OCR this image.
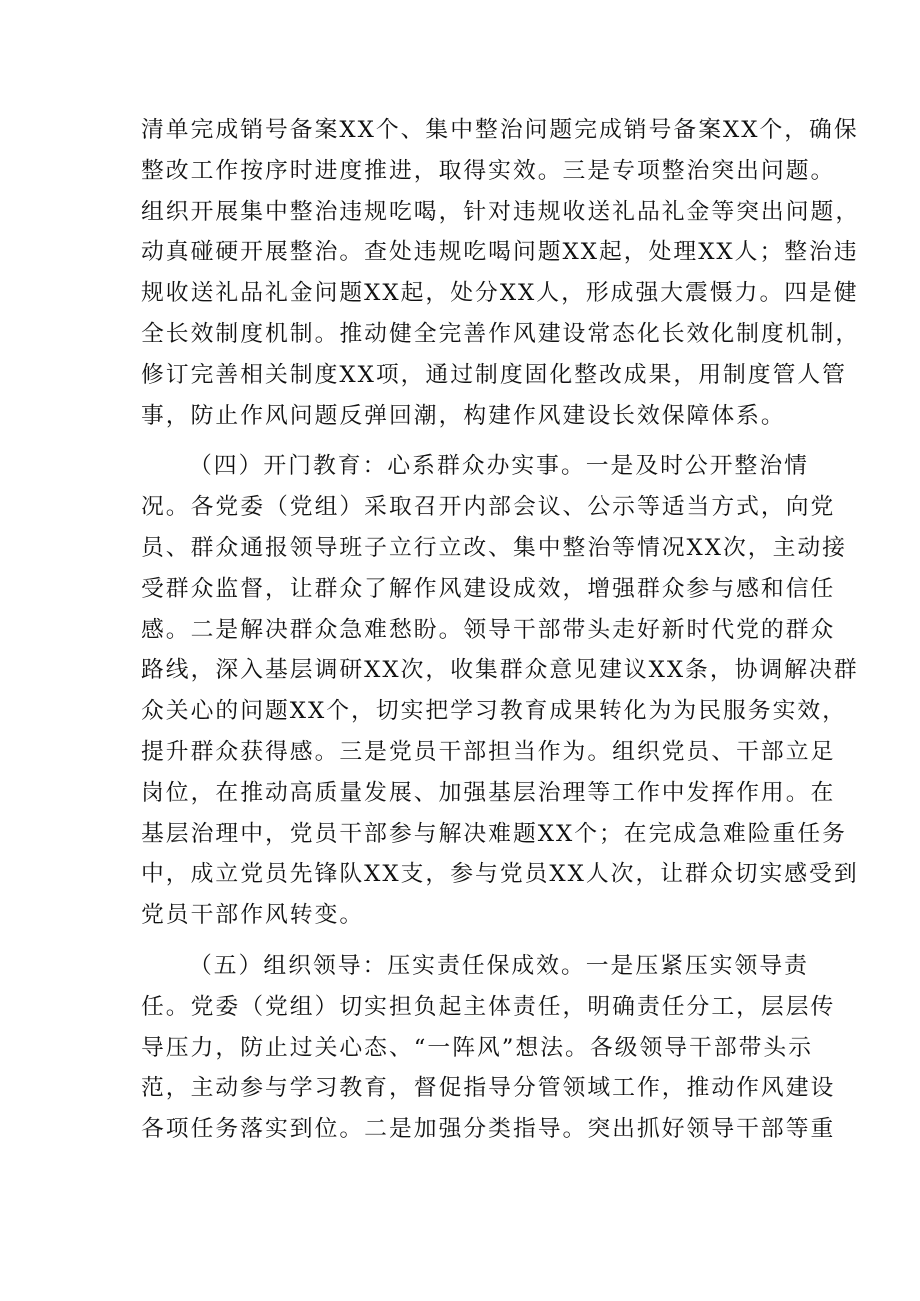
清单完成销号备案XX个、集中整治问题完成销号备案XX个，确保
整改工作按序时进度推进，取得实效。三是专项整治突出问题。
组织开展集中整治违规吃喝，针对违规收送礼品礼金等突出问题，
动真碰硬开展整治。查处违规吃喝问题XX起，处理XX人；整治违
规收送礼品礼金问题XX起，处分XX人，形成强大震慑力。四是健
全长效制度机制。推动健全完善作风建设常态化长效化制度机制，
修订完善相关制度XX项，通过制度固化整改成果，用制度管人管
事，防止作风问题反弹回潮，构建作风建设长效保障体系。
（四）开门教育：心系群众办实事。一是及时公开整治情
况。各党委（党组）采取召开内部会议、公示等适当方式，向党
员、群众通报领导班子立行立改、集中整治等情况XX次，主动接
受群众监督，让群众了解作风建设成效，增强群众参与感和信任
感。二是解决群众急难愁盼。领导干部带头走好新时代党的群众
路线，深入基层调研XX次，收集群众意见建议XX条，协调解决群
众关心的问题XX个，切实把学习教育成果转化为为民服务实效，
提升群众获得感。三是党员干部担当作为。组织党员、干部立足
岗位，在推动高质量发展、加强基层治理等工作中发挥作用。在
基层治理中，党员干部参与解决难题XX个；在完成急难险重任务
中，成立党员先锋队XX支，参与党员XX人次，让群众切实感受到
党员干部作风转变。
（五）组织领导：压实责任保成效。一是压紧压实领导责
任。党委（党组）切实担负起主体责任，明确责任分工，层层传
导压力，防止过关心态、“一阵风”想法。各级领导干部带头示
范，主动参与学习教育，督促指导分管领域工作，推动作风建设
各项任务落实到位。二是加强分类指导。突出抓好领导干部等重
